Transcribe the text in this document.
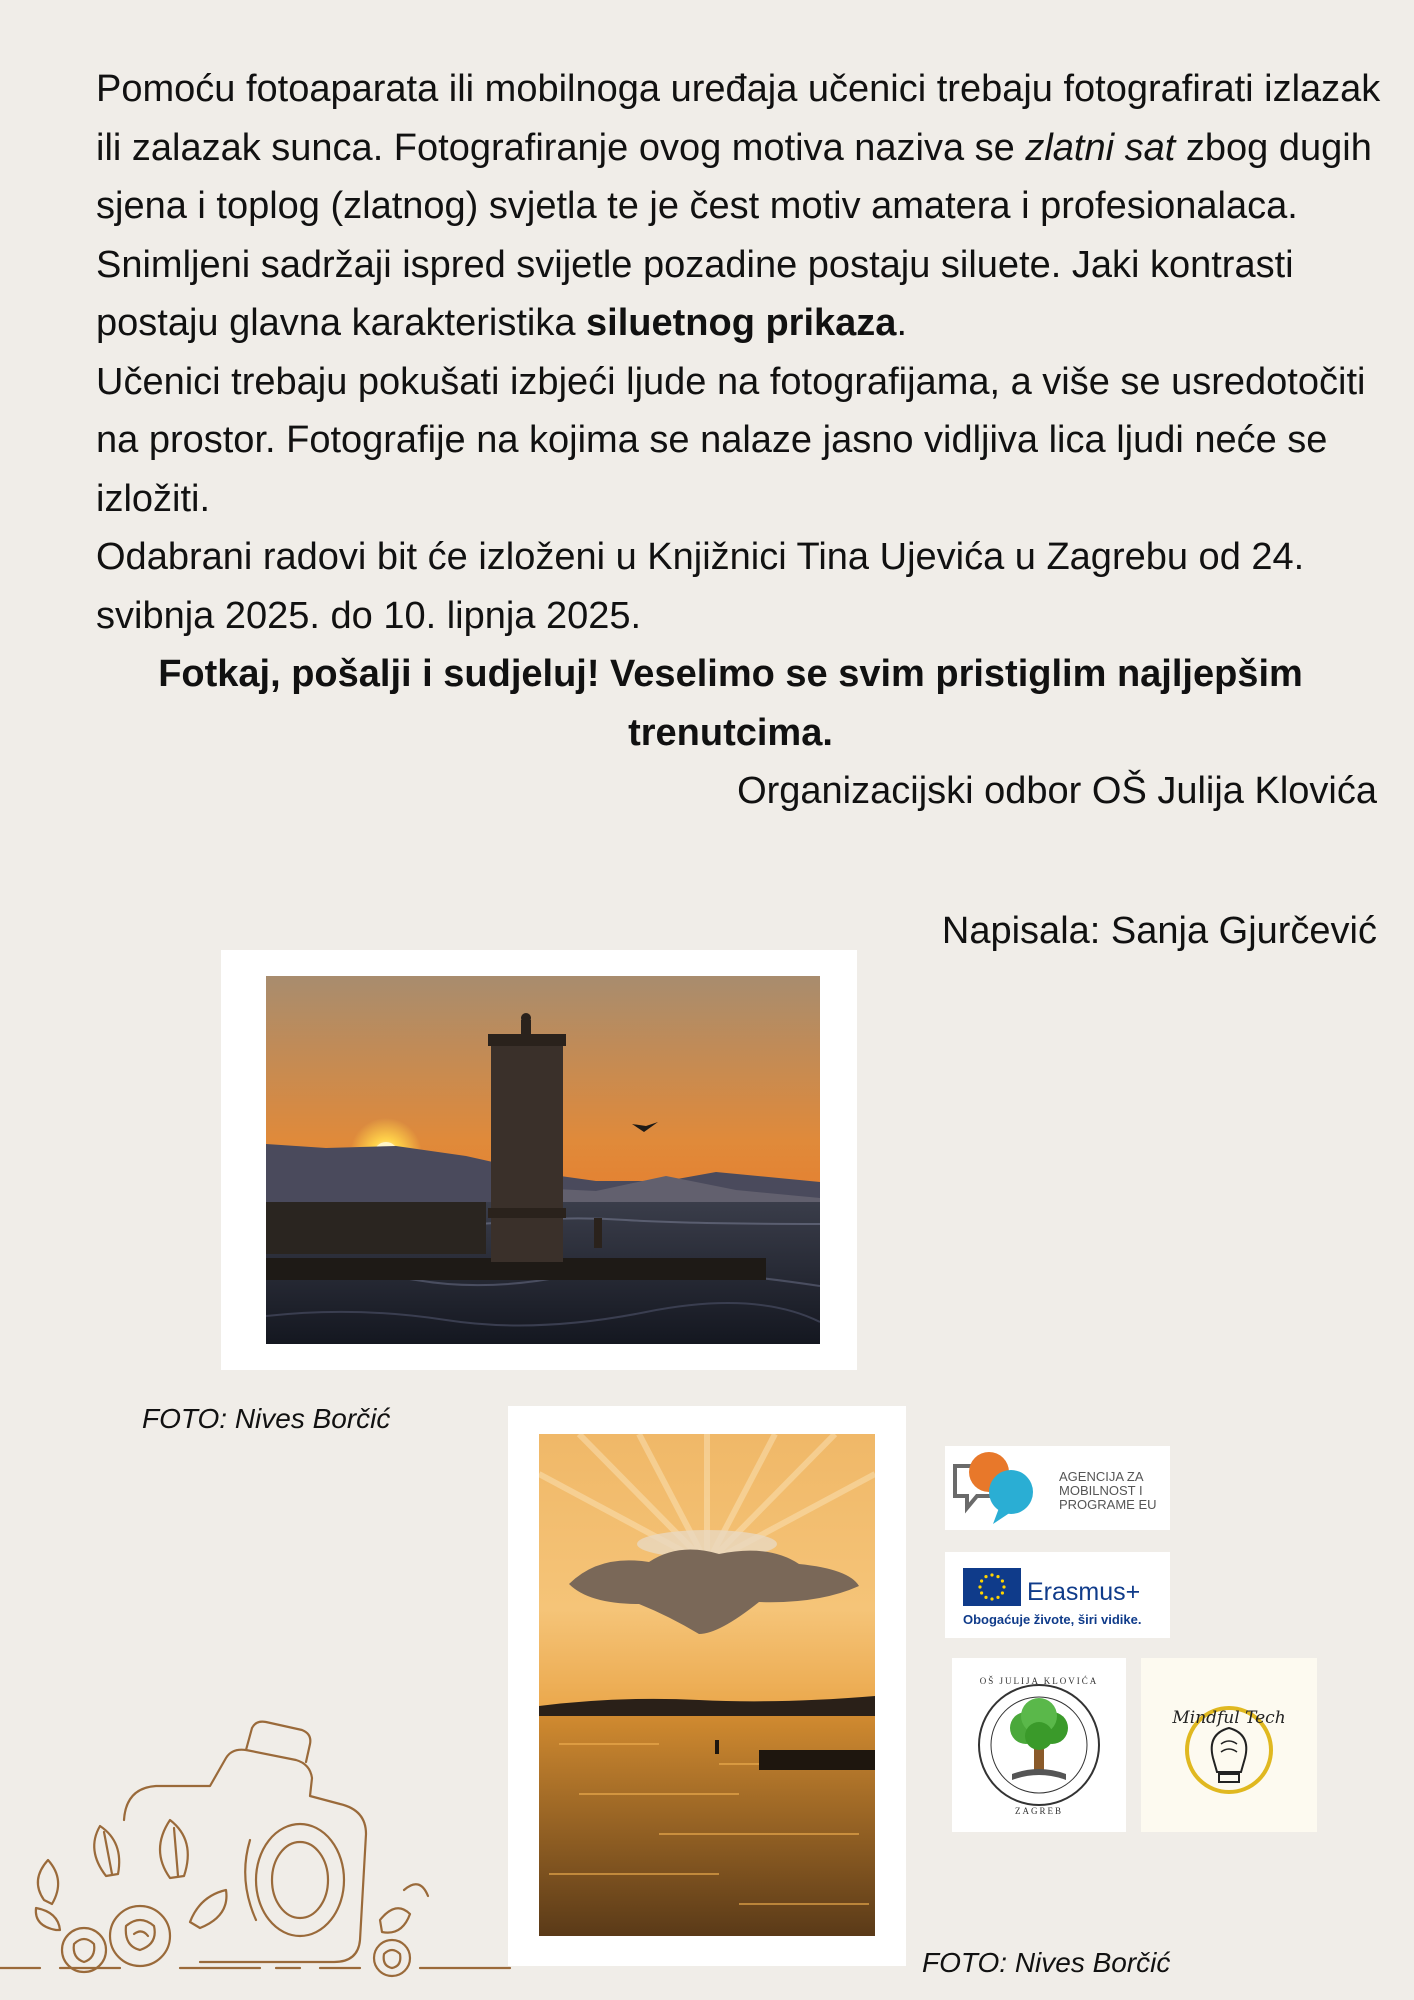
Pomoću fotoaparata ili mobilnoga uređaja učenici trebaju fotografirati izlazak ili zalazak sunca. Fotografiranje ovog motiva naziva se zlatni sat zbog dugih sjena i toplog (zlatnog) svjetla te je čest motiv amatera i profesionalaca. Snimljeni sadržaji ispred svijetle pozadine postaju siluete. Jaki kontrasti postaju glavna karakteristika siluetnog prikaza.

Učenici trebaju pokušati izbjeći ljude na fotografijama, a više se usredotočiti na prostor. Fotografije na kojima se nalaze jasno vidljiva lica ljudi neće se izložiti.

Odabrani radovi bit će izloženi u Knjižnici Tina Ujevića u Zagrebu od 24. svibnja 2025. do 10. lipnja 2025.

Fotkaj, pošalji i sudjeluj! Veselimo se svim pristiglim najljepšim trenutcima.

Organizacijski odbor OŠ Julija Klovića

Napisala: Sanja Gjurčević
FOTO: Nives Borčić
FOTO: Nives Borčić
AGENCIJA ZA
MOBILNOST I
PROGRAME EU
Erasmus+
Obogaćuje živote, širi vidike.
OŠ JULIJA KLOVIĆA
ZAGREB
Mindful Tech
